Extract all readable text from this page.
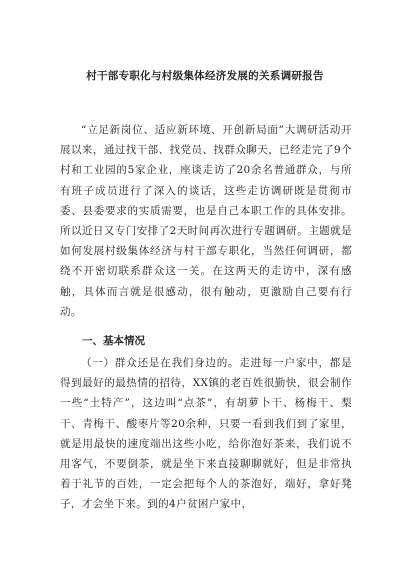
村干部专职化与村级集体经济发展的关系调研报告

“立足新岗位、适应新环境、开创新局面”大调研活动开展以来，通过找干部、找党员、找群众聊天，已经走完了9个村和工业园的5家企业，座谈走访了20余名普通群众，与所有班子成员进行了深入的谈话，这些走访调研既是贯彻市委、县委要求的实质需要，也是自己本职工作的具体安排。所以近日又专门安排了2天时间再次进行专题调研。主题就是如何发展村级集体经济与村干部专职化，当然任何调研，都绕不开密切联系群众这一关。在这两天的走访中，深有感触，具体而言就是很感动，很有触动，更激励自己要有行动。

一、基本情况

（一）群众还是在我们身边的。走进每一户家中，都是得到最好的最热情的招待，XX镇的老百姓很勤快，很会制作一些“土特产”，这边叫“点茶”，有胡萝卜干、杨梅干、梨干、青梅干、酸枣片等20余种，只要一看到我们到了家里，就是用最快的速度端出这些小吃，给你泡好茶来，我们说不用客气，不要倒茶，就是坐下来直接聊聊就好，但是非常执着于礼节的百姓，一定会把每个人的茶泡好，端好，拿好凳子，才会坐下来。到的4户贫困户家中，
